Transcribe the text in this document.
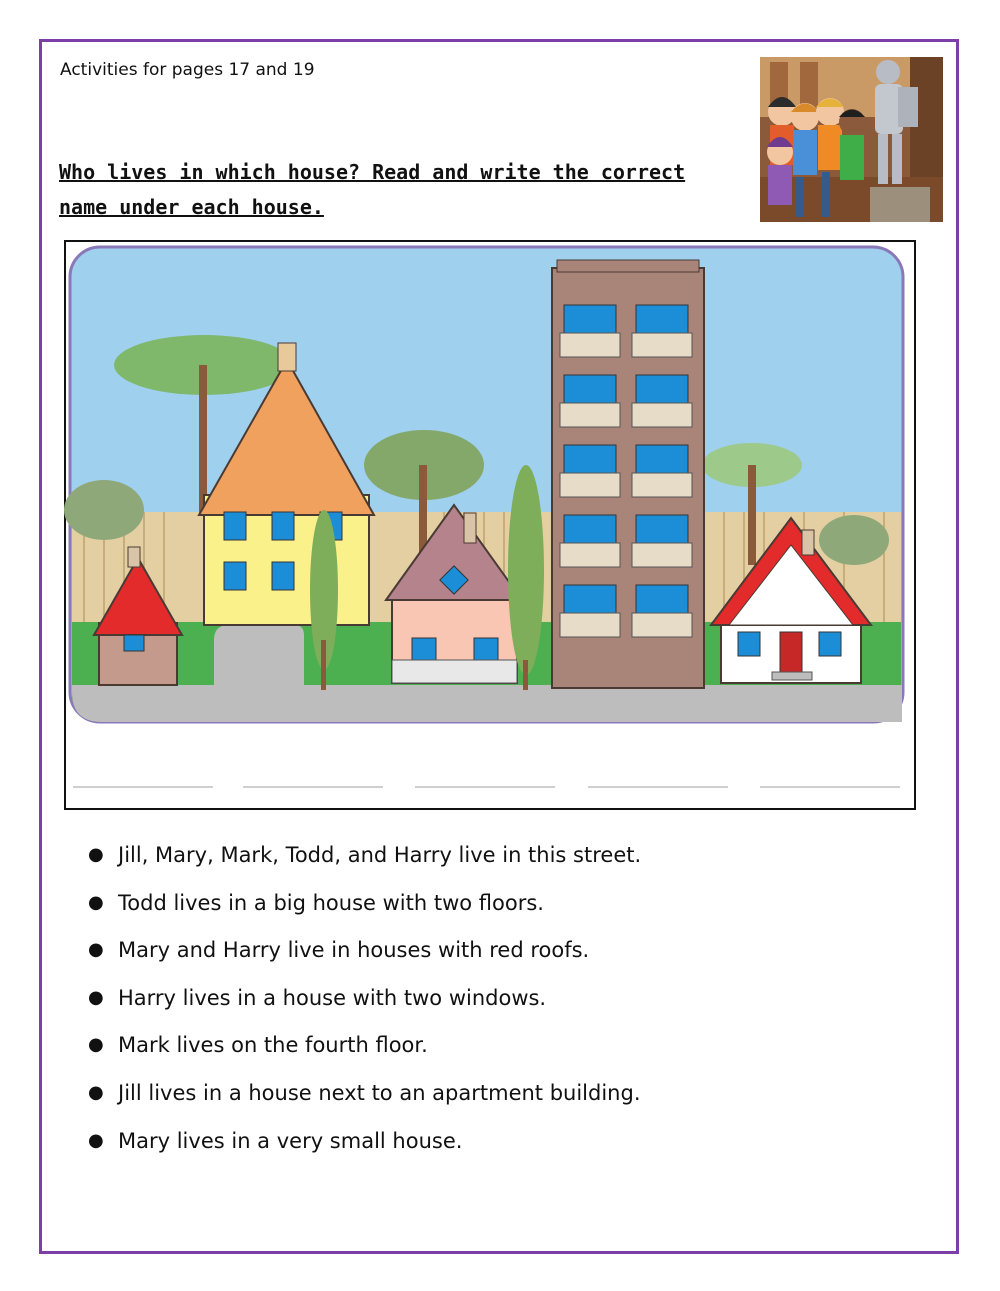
Activities for pages 17 and 19
Who lives in which house? Read and write the correct name under each house.
● Jill, Mary, Mark, Todd, and Harry live in this street.
● Todd lives in a big house with two floors.
● Mary and Harry live in houses with red roofs.
● Harry lives in a house with two windows.
● Mark lives on the fourth floor.
● Jill lives in a house next to an apartment building.
● Mary lives in a very small house.
